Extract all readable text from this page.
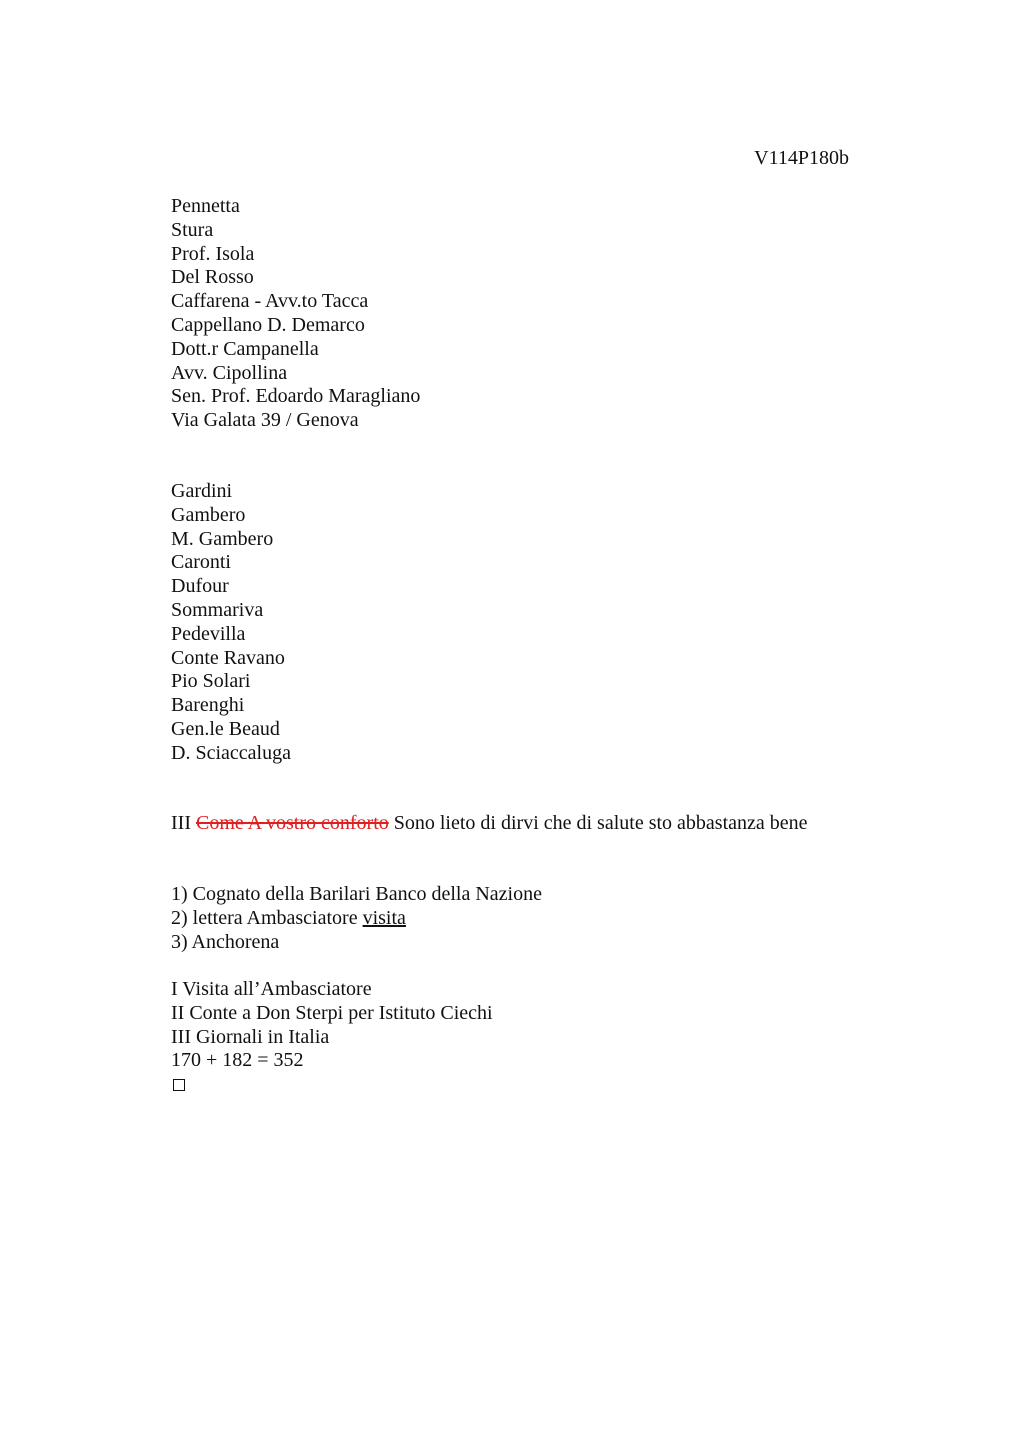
V114P180b
Pennetta
Stura
Prof. Isola
Del Rosso
Caffarena - Avv.to Tacca
Cappellano D. Demarco
Dott.r Campanella
Avv. Cipollina
Sen. Prof. Edoardo Maragliano
Via Galata 39 / Genova
Gardini
Gambero
M. Gambero
Caronti
Dufour
Sommariva
Pedevilla
Conte Ravano
Pio Solari
Barenghi
Gen.le Beaud
D. Sciaccaluga
III Come A vostro conforto Sono lieto di dirvi che di salute sto abbastanza bene
1) Cognato della Barilari Banco della Nazione
2) lettera Ambasciatore visita
3) Anchorena
I Visita all’Ambasciatore
II Conte a Don Sterpi per Istituto Ciechi
III Giornali in Italia
170 + 182 = 352
